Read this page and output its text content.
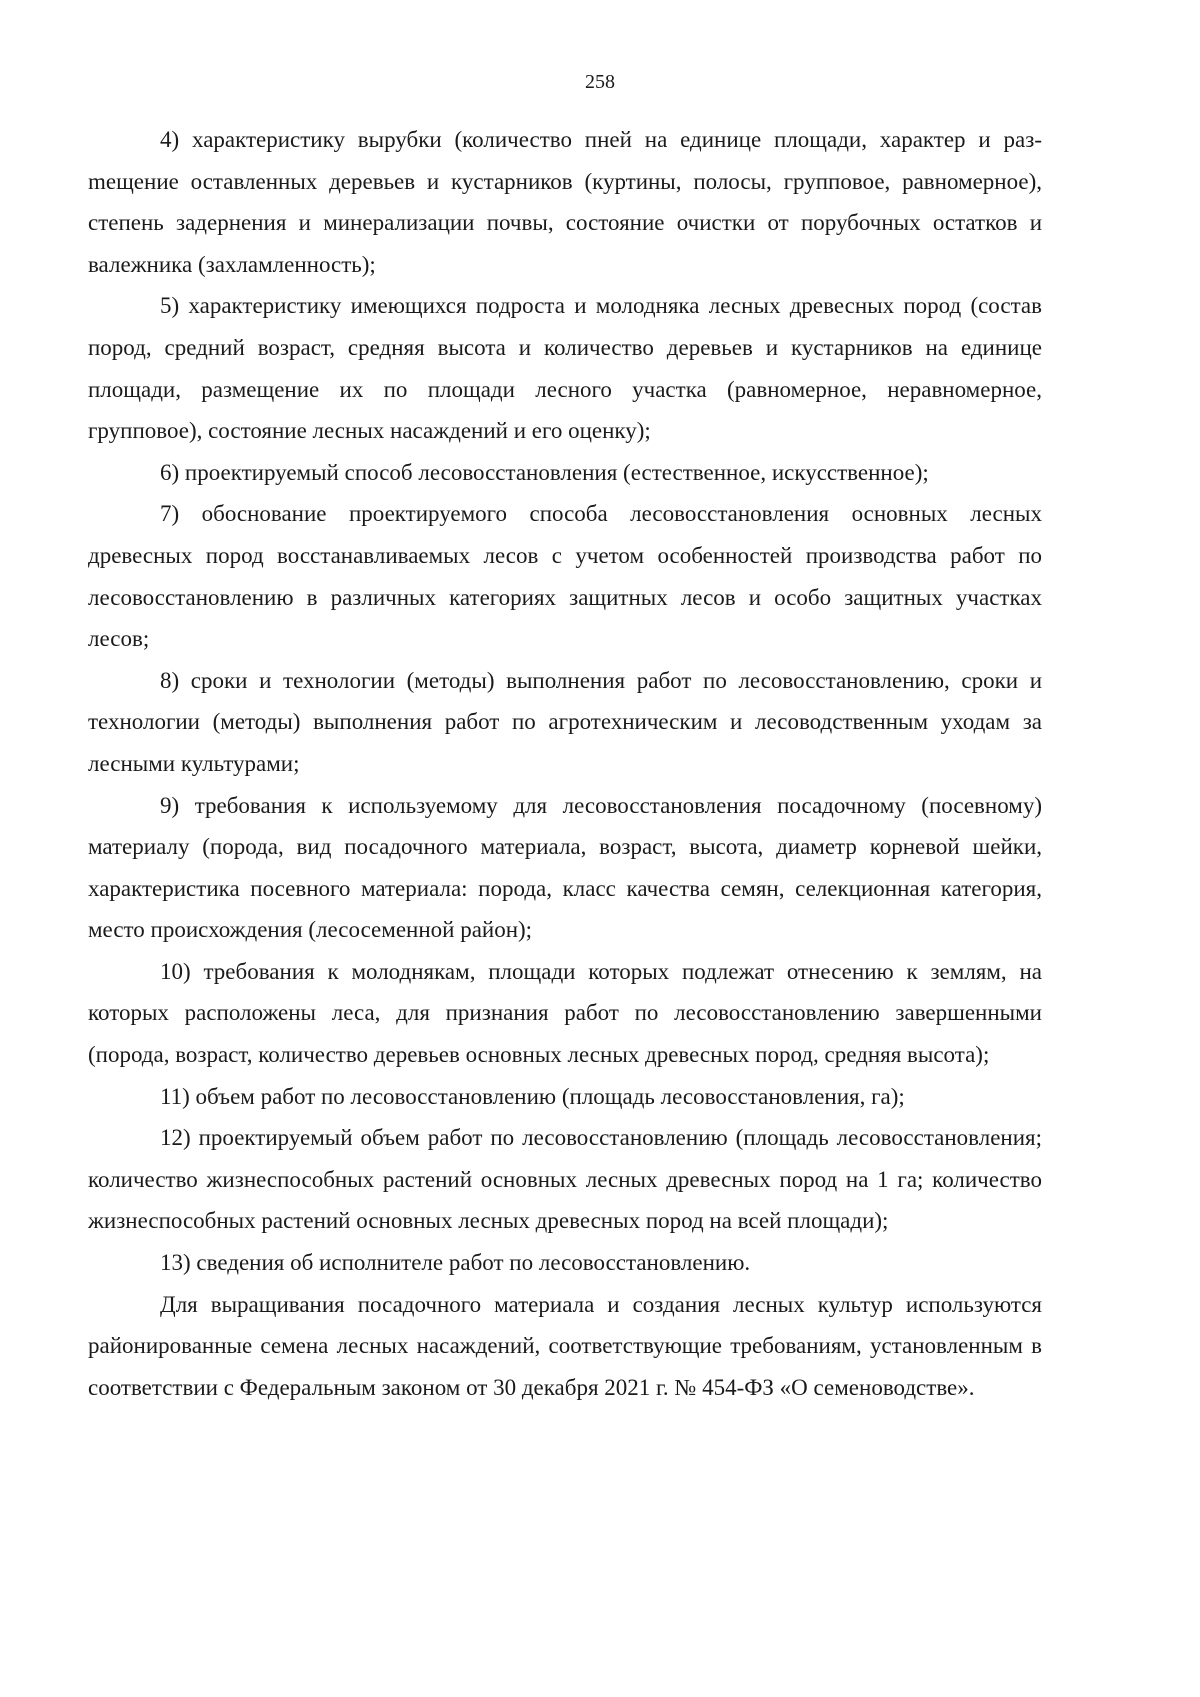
258

4) характеристику вырубки (количество пней на единице площади, характер и разmещение оставленных деревьев и кустарников (куртины, полосы, групповое, равномерное), степень задернения и минерализации почвы, состояние очистки от порубочных остатков и валежника (захламленность);

5) характеристику имеющихся подроста и молодняка лесных древесных пород (состав пород, средний возраст, средняя высота и количество деревьев и кустарников на единице площади, размещение их по площади лесного участка (равномерное, неравномерное, групповое), состояние лесных насаждений и его оценку);

6) проектируемый способ лесовосстановления (естественное, искусственное);

7) обоснование проектируемого способа лесовосстановления основных лесных древесных пород восстанавливаемых лесов с учетом особенностей производства работ по лесовосстановлению в различных категориях защитных лесов и особо защитных участках лесов;

8) сроки и технологии (методы) выполнения работ по лесовосстановлению, сроки и технологии (методы) выполнения работ по агротехническим и лесоводственным уходам за лесными культурами;

9) требования к используемому для лесовосстановления посадочному (посевному) материалу (порода, вид посадочного материала, возраст, высота, диаметр корневой шейки, характеристика посевного материала: порода, класс качества семян, селекционная категория, место происхождения (лесосеменной район);

10) требования к молоднякам, площади которых подлежат отнесению к землям, на которых расположены леса, для признания работ по лесовосстановлению завершенными (порода, возраст, количество деревьев основных лесных древесных пород, средняя высота);

11) объем работ по лесовосстановлению (площадь лесовосстановления, га);

12) проектируемый объем работ по лесовосстановлению (площадь лесовосстановления; количество жизнеспособных растений основных лесных древесных пород на 1 га; количество жизнеспособных растений основных лесных древесных пород на всей площади);

13) сведения об исполнителе работ по лесовосстановлению.

Для выращивания посадочного материала и создания лесных культур используются районированные семена лесных насаждений, соответствующие требованиям, установленным в соответствии с Федеральным законом от 30 декабря 2021 г. № 454-ФЗ «О семеноводстве».
